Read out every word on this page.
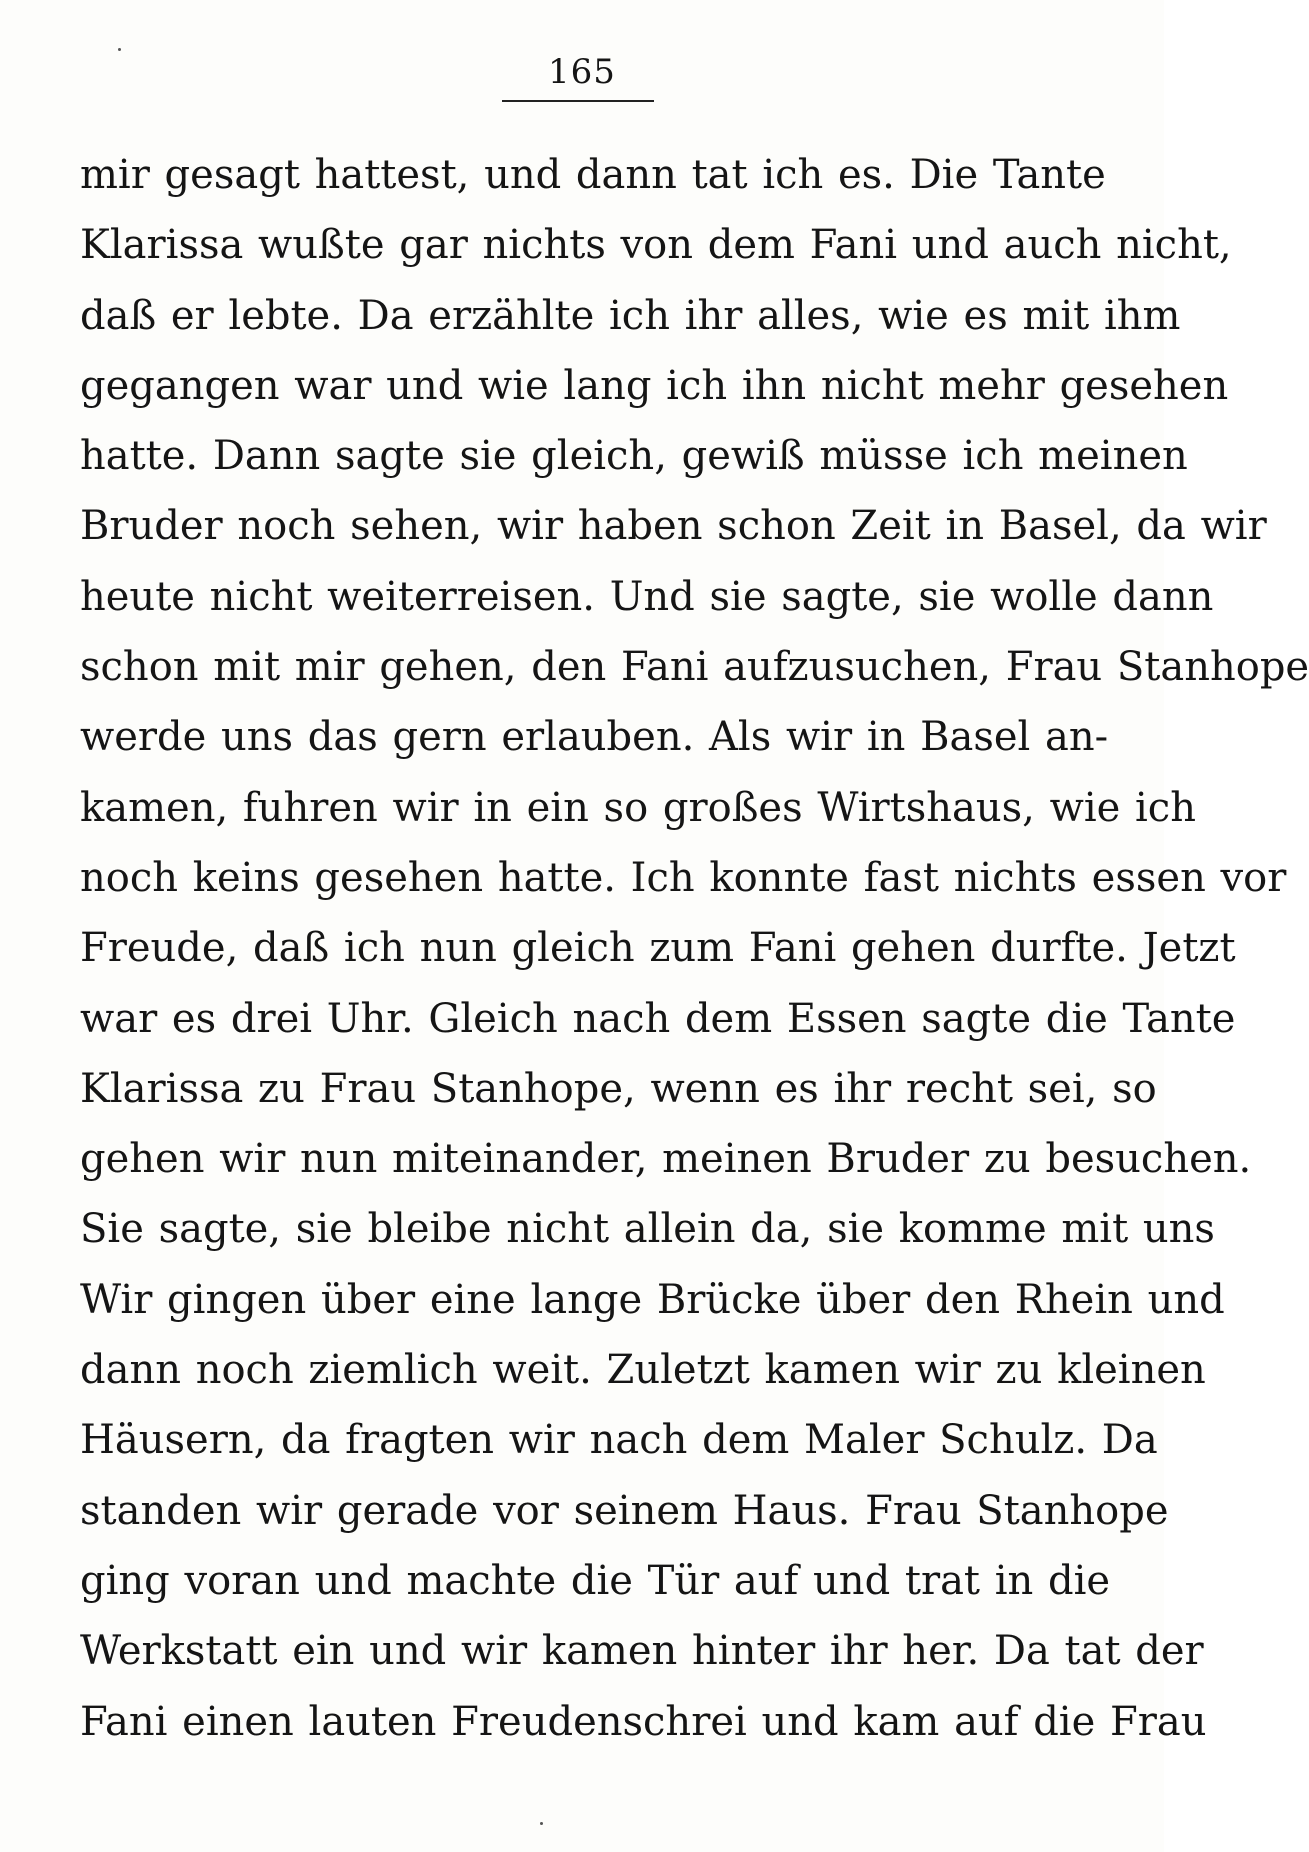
165
mir gesagt hattest, und dann tat ich es. Die Tante
Klarissa wußte gar nichts von dem Fani und auch nicht,
daß er lebte. Da erzählte ich ihr alles, wie es mit ihm
gegangen war und wie lang ich ihn nicht mehr gesehen
hatte. Dann sagte sie gleich, gewiß müsse ich meinen
Bruder noch sehen, wir haben schon Zeit in Basel, da wir
heute nicht weiterreisen. Und sie sagte, sie wolle dann
schon mit mir gehen, den Fani aufzusuchen, Frau Stanhope
werde uns das gern erlauben. Als wir in Basel an-
kamen, fuhren wir in ein so großes Wirtshaus, wie ich
noch keins gesehen hatte. Ich konnte fast nichts essen vor
Freude, daß ich nun gleich zum Fani gehen durfte. Jetzt
war es drei Uhr. Gleich nach dem Essen sagte die Tante
Klarissa zu Frau Stanhope, wenn es ihr recht sei, so
gehen wir nun miteinander, meinen Bruder zu besuchen.
Sie sagte, sie bleibe nicht allein da, sie komme mit uns
Wir gingen über eine lange Brücke über den Rhein und
dann noch ziemlich weit. Zuletzt kamen wir zu kleinen
Häusern, da fragten wir nach dem Maler Schulz. Da
standen wir gerade vor seinem Haus. Frau Stanhope
ging voran und machte die Tür auf und trat in die
Werkstatt ein und wir kamen hinter ihr her. Da tat der
Fani einen lauten Freudenschrei und kam auf die Frau
